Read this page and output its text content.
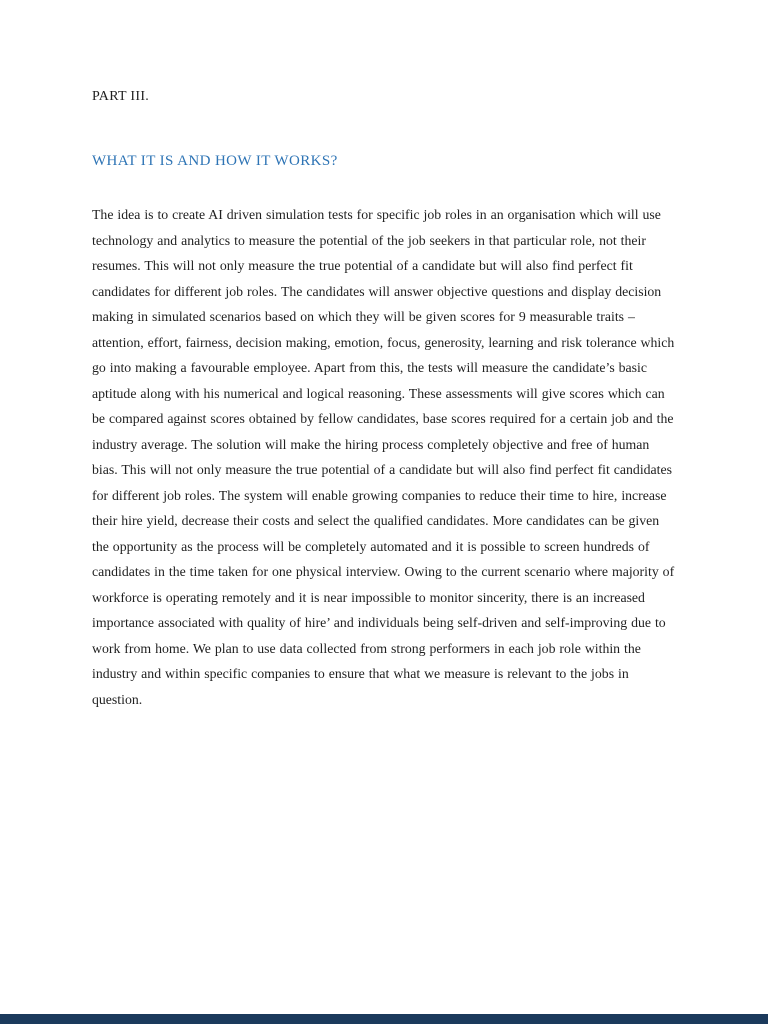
PART III.

WHAT IT IS AND HOW IT WORKS?

The idea is to create AI driven simulation tests for specific job roles in an organisation which will use technology and analytics to measure the potential of the job seekers in that particular role, not their resumes. This will not only measure the true potential of a candidate but will also find perfect fit candidates for different job roles. The candidates will answer objective questions and display decision making in simulated scenarios based on which they will be given scores for 9 measurable traits – attention, effort, fairness, decision making, emotion, focus, generosity, learning and risk tolerance which go into making a favourable employee. Apart from this, the tests will measure the candidate’s basic aptitude along with his numerical and logical reasoning. These assessments will give scores which can be compared against scores obtained by fellow candidates, base scores required for a certain job and the industry average. The solution will make the hiring process completely objective and free of human bias. This will not only measure the true potential of a candidate but will also find perfect fit candidates for different job roles. The system will enable growing companies to reduce their time to hire, increase their hire yield, decrease their costs and select the qualified candidates. More candidates can be given the opportunity as the process will be completely automated and it is possible to screen hundreds of candidates in the time taken for one physical interview. Owing to the current scenario where majority of workforce is operating remotely and it is near impossible to monitor sincerity, there is an increased importance associated with quality of hire’ and individuals being self-driven and self-improving due to work from home. We plan to use data collected from strong performers in each job role within the industry and within specific companies to ensure that what we measure is relevant to the jobs in question.
